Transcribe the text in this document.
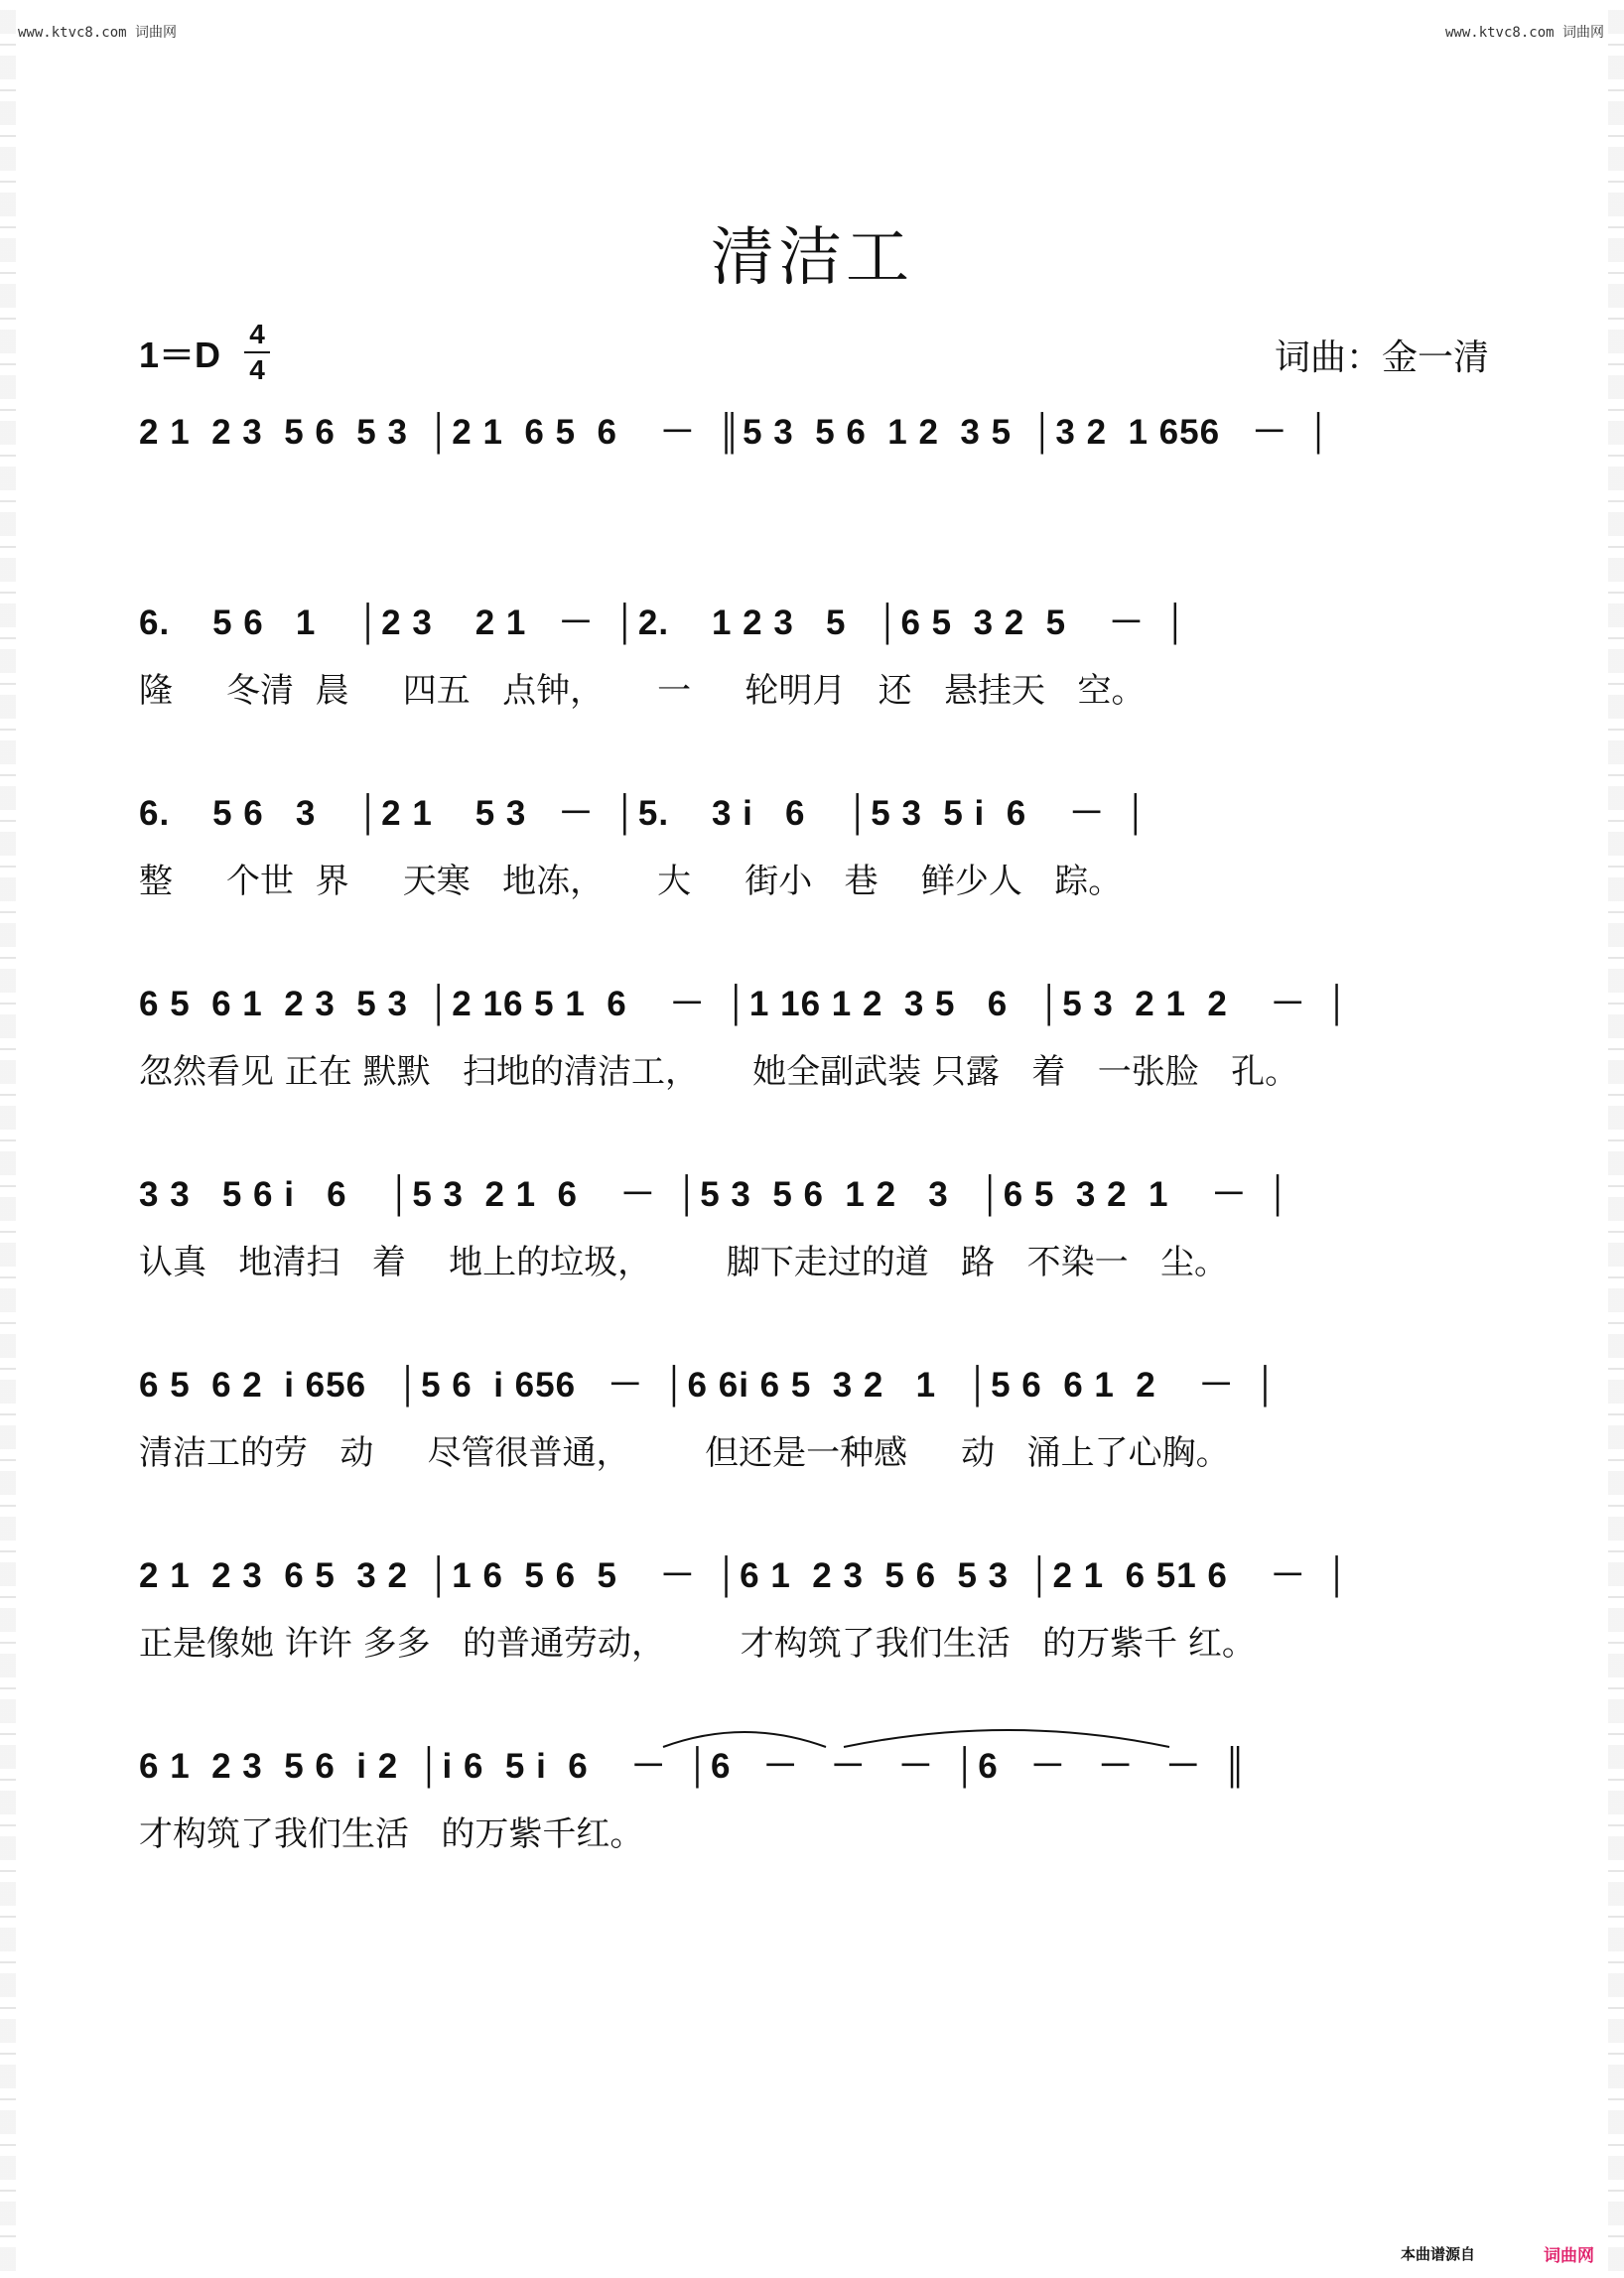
www.ktvc8.com 词曲网	www.ktvc8.com 词曲网
清洁工
1＝D
4
4	词曲：金一清
2 1  2 3  5 6  5 3  │2 1  6 5  6    －  ║5 3  5 6  1 2  3 5  │3 2  1 656   －  │
6.    5 6   1    │2 3    2 1   －  │2.    1 2 3   5   │6 5  3 2  5    －  │
隆     冬清  晨     四五   点钟，     一     轮明月   还   悬挂天   空。
6.    5 6   3    │2 1    5 3   －  │5.    3 i   6    │5 3  5 i  6    －  │
整     个世  界     天寒   地冻，     大     街小   巷    鲜少人   踪。
6 5  6 1  2 3  5 3  │2 16 5 1  6    －  │1 16 1 2  3 5   6   │5 3  2 1  2    －  │
忽然看见 正在 默默   扫地的清洁工，     她全副武装 只露   着   一张脸   孔。
3 3   5 6 i   6    │5 3  2 1  6    －  │5 3  5 6  1 2   3   │6 5  3 2  1    －  │
认真   地清扫   着    地上的垃圾，       脚下走过的道   路   不染一   尘。
6 5  6 2  i 656   │5 6  i 656   －  │6 6i 6 5  3 2   1   │5 6  6 1  2    －  │
清洁工的劳   动     尽管很普通，       但还是一种感     动   涌上了心胸。
2 1  2 3  6 5  3 2  │1 6  5 6  5    －  │6 1  2 3  5 6  5 3  │2 1  6 51 6    －  │
正是像她 许许 多多   的普通劳动，       才构筑了我们生活   的万紫千 红。
6 1  2 3  5 6  i 2  │i 6  5 i  6    －  │6   －   －   －  │6   －   －   －  ║
才构筑了我们生活   的万紫千红。
本曲谱源自	词曲网
